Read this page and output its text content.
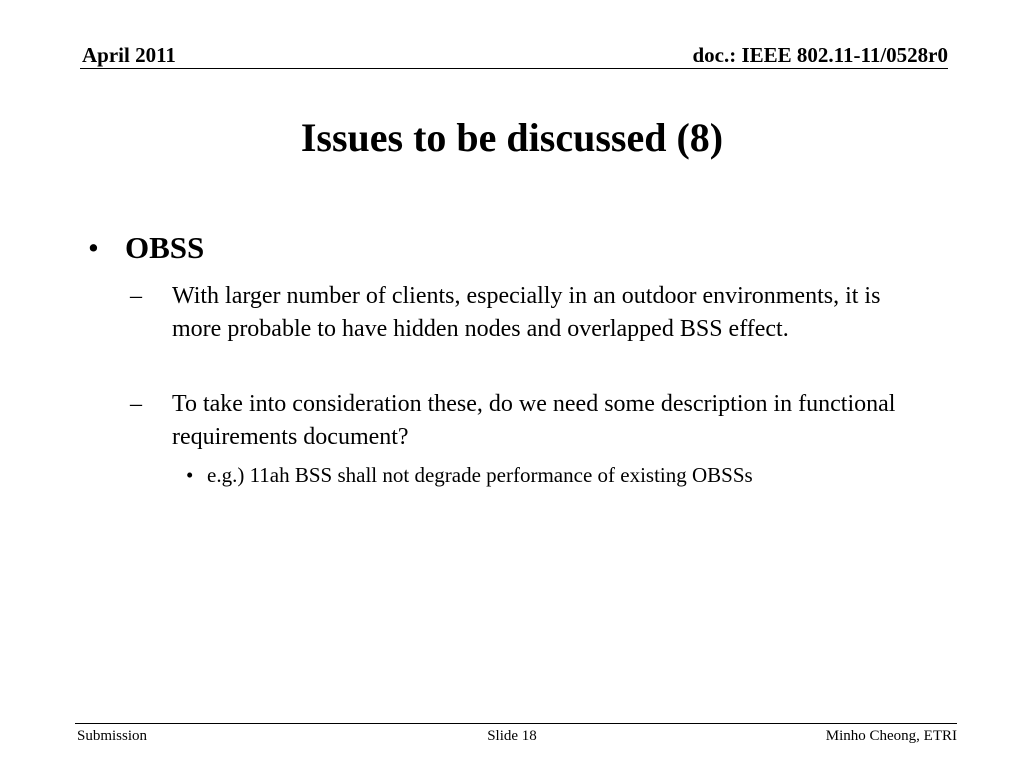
April 2011	doc.: IEEE 802.11-11/0528r0
Issues to be discussed (8)
• OBSS
– With larger number of clients, especially in an outdoor environments, it is more probable to have hidden nodes and overlapped BSS effect.
– To take into consideration these, do we need some description in functional requirements document?
• e.g.) 11ah BSS shall not degrade performance of existing OBSSs
Submission	Slide 18	Minho Cheong, ETRI
